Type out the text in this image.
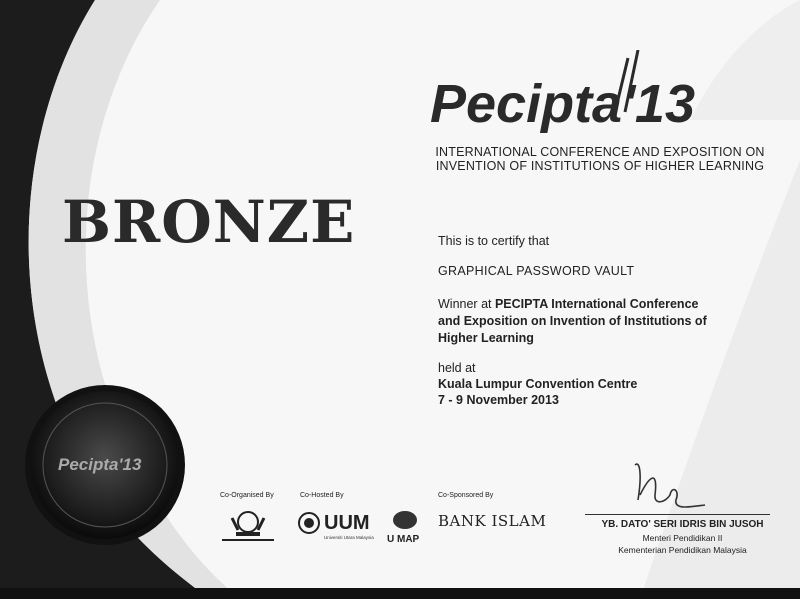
Pecipta'13
INTERNATIONAL CONFERENCE AND EXPOSITION ON
INVENTION OF INSTITUTIONS OF HIGHER LEARNING
BRONZE	This is to certify that
GRAPHICAL PASSWORD VAULT
Winner at PECIPTA International Conference
and Exposition on Invention of Institutions of
Higher Learning
held at
Kuala Lumpur Convention Centre
7 - 9 November 2013
Pecipta'13
Co-Organised By	Co-Hosted By	Co-Sponsored By
UUM
Universiti Utara Malaysia U MAP
BANK ISLAM	YB. DATO' SERI IDRIS BIN JUSOH
Menteri Pendidikan II
Kementerian Pendidikan Malaysia
